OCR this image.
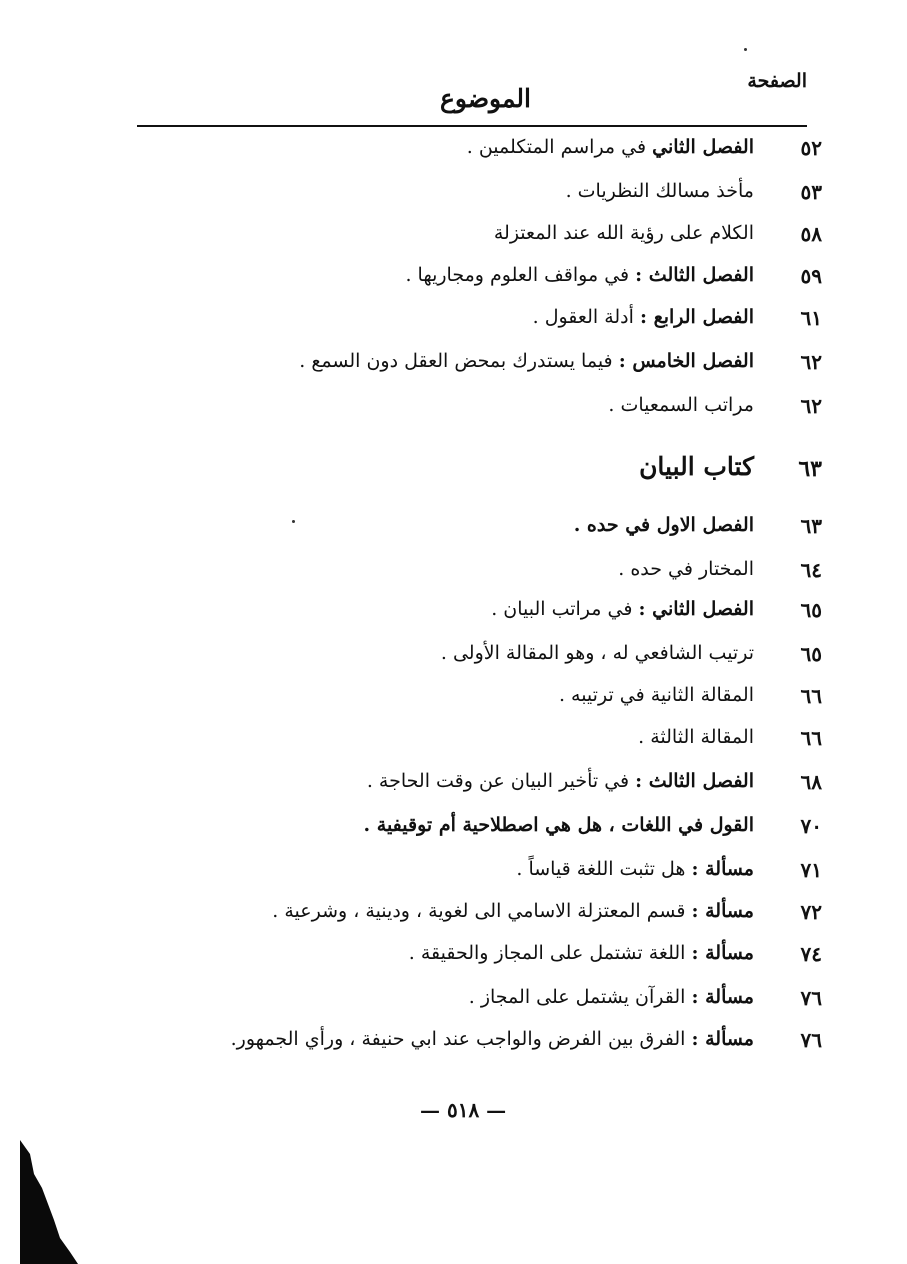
الصفحة
الموضوع
٥٢
الفصل الثاني في مراسم المتكلمين .
٥٣
مأخذ مسالك النظريات .
٥٨
الكلام على رؤية الله عند المعتزلة
٥٩
الفصل الثالث : في مواقف العلوم ومجاريها .
٦١
الفصل الرابع : أدلة العقول .
٦٢
الفصل الخامس : فيما يستدرك بمحض العقل دون السمع .
٦٢
مراتب السمعيات .
٦٣
كتاب البيان
٦٣
الفصل الاول في حده .
٦٤
المختار في حده .
٦٥
الفصل الثاني : في مراتب البيان .
٦٥
ترتيب الشافعي له ، وهو المقالة الأولى .
٦٦
المقالة الثانية في ترتيبه .
٦٦
المقالة الثالثة .
٦٨
الفصل الثالث : في تأخير البيان عن وقت الحاجة .
٧٠
القول في اللغات ، هل هي اصطلاحية أم توقيفية .
٧١
مسألة : هل تثبت اللغة قياساً .
٧٢
مسألة : قسم المعتزلة الاسامي الى لغوية ، ودينية ، وشرعية .
٧٤
مسألة : اللغة تشتمل على المجاز والحقيقة .
٧٦
مسألة : القرآن يشتمل على المجاز .
٧٦
مسألة : الفرق بين الفرض والواجب عند ابي حنيفة ، ورأي الجمهور.
— ٥١٨ —
